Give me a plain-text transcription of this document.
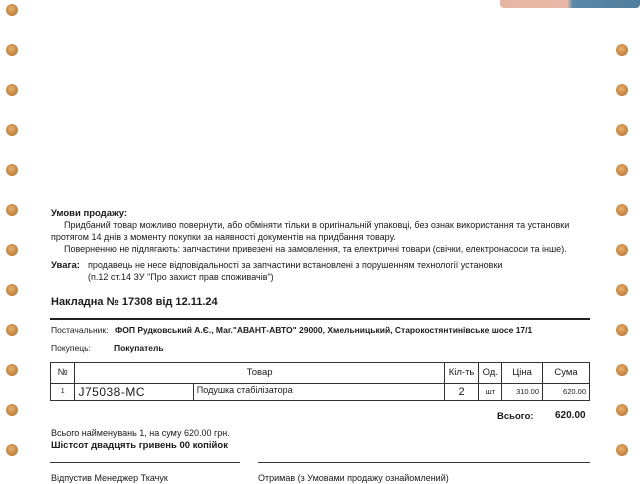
Умови продажу:
Придбаний товар можливо повернути, або обміняти тільки в оригінальній упаковці, без ознак використання та установки
протягом 14 днів з моменту покупки за наявності документів на придбання товару.
Поверненню не підлягають: запчастини привезені на замовлення, та електричні товари (свічки, електронасоси та інше).
Увага: продавець не несе відповідальності за запчастини встановлені з порушенням технології установки
(п.12 ст.14 ЗУ "Про захист прав споживачів")
Накладна № 17308 від 12.11.24
Постачальник: ФОП Рудковський А.Є., Маг."АВАНТ-АВТО" 29000, Хмельницький, Старокостянтинівське шосе 17/1
Покупець:	Покупатель
№	Товар		Кіл-ть	Од.	Ціна	Сума
1	J75038-MC	Подушка стабілізатора	2	шт	310.00	620.00
Всього: 620.00
Всього найменувань 1, на суму 620.00 грн.
Шістсот двадцять гривень 00 копійок
Відпустив Менеджер Ткачук	Отримав (з Умовами продажу ознайомлений)
